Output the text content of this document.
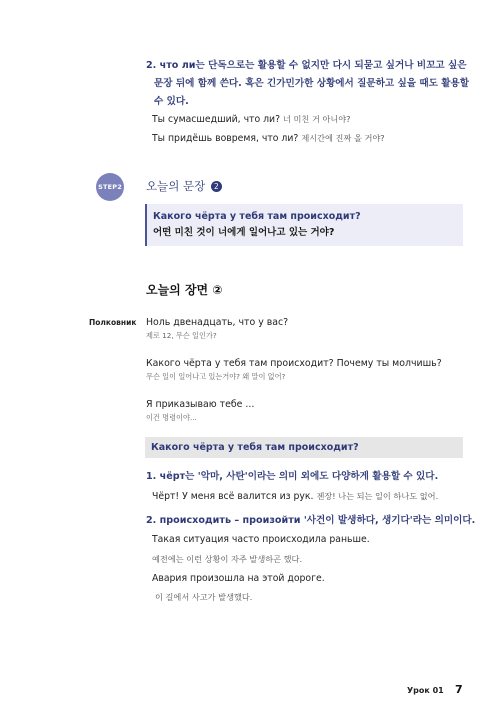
2. что ли는 단독으로는 활용할 수 없지만 다시 되묻고 싶거나 비꼬고 싶은
문장 뒤에 함께 쓴다. 혹은 긴가민가한 상황에서 질문하고 싶을 때도 활용할
수 있다.
Ты сумасшедший, что ли? 너 미친 거 아니야?
Ты придёшь вовремя, что ли? 제시간에 진짜 올 거야?
STEP2 오늘의 문장 2
Какого чёрта у тебя там происходит?
어떤 미친 것이 너에게 일어나고 있는 거야?
오늘의 장면 ②
Полковник Ноль двенадцать, что у вас?
제로 12, 무슨 일인가?
Какого чёрта у тебя там происходит? Почему ты молчишь?
무슨 일이 일어나고 있는거야? 왜 말이 없어?
Я приказываю тебе ...
이건 명령이야...
Какого чёрта у тебя там происходит?
1. чёрт는 '악마, 사탄'이라는 의미 외에도 다양하게 활용할 수 있다.
Чёрт! У меня всё валится из рук. 젠장! 나는 되는 일이 하나도 없어.
2. происходить – произойти '사건이 발생하다, 생기다'라는 의미이다.
Такая ситуация часто происходила раньше.
예전에는 이런 상황이 자주 발생하곤 했다.
Авария произошла на этой дороге.
이 길에서 사고가 발생했다.
Урок 01 7
